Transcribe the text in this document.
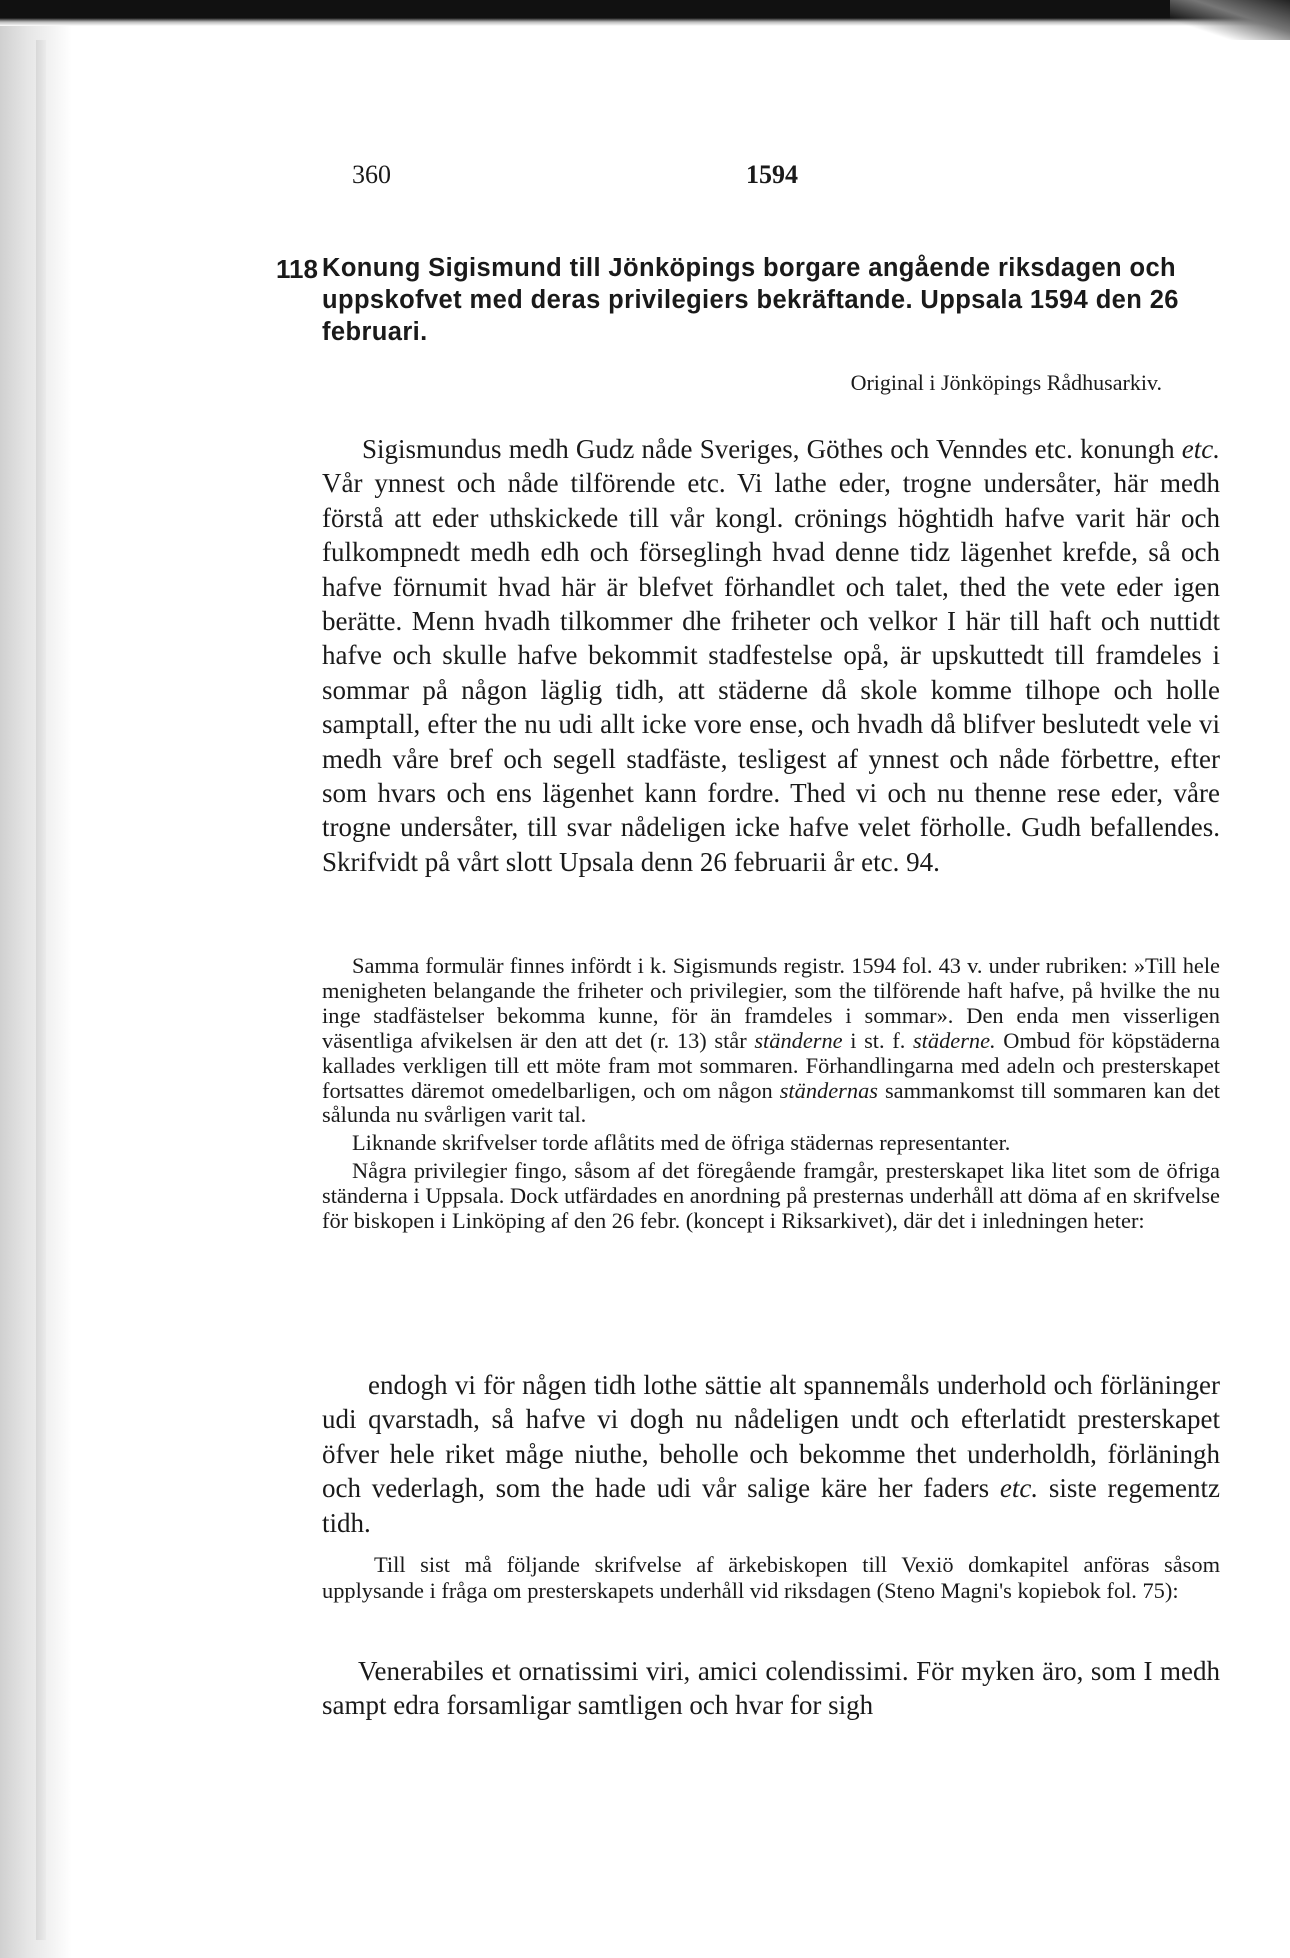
360	1594
118 Konung Sigismund till Jönköpings borgare angående riksdagen och uppskofvet med deras privilegiers bekräftande. Uppsala 1594 den 26 februari.
Original i Jönköpings Rådhusarkiv.

Sigismundus medh Gudz nåde Sveriges, Göthes och Venndes etc. konungh etc. Vår ynnest och nåde tilförende etc. Vi lathe eder, trogne undersåter, här medh förstå att eder uthskickede till vår kongl. crönings höghtidh hafve varit här och fulkompnedt medh edh och förseglingh hvad denne tidz lägenhet krefde, så och hafve förnumit hvad här är blefvet förhandlet och talet, thed the vete eder igen berätte. Menn hvadh tilkommer dhe friheter och velkor I här till haft och nuttidt hafve och skulle hafve bekommit stadfestelse opå, är upskuttedt till framdeles i sommar på någon läglig tidh, att städerne då skole komme tilhope och holle samptall, efter the nu udi allt icke vore ense, och hvadh då blifver beslutedt vele vi medh våre bref och segell stadfäste, tesligest af ynnest och nåde förbettre, efter som hvars och ens lägenhet kann fordre. Thed vi och nu thenne rese eder, våre trogne undersåter, till svar nådeligen icke hafve velet förholle. Gudh befallendes. Skrifvidt på vårt slott Upsala denn 26 februarii år etc. 94.

Samma formulär finnes infördt i k. Sigismunds registr. 1594 fol. 43 v. under rubriken: »Till hele menigheten belangande the friheter och privilegier, som the tilförende haft hafve, på hvilke the nu inge stadfästelser bekomma kunne, för än framdeles i sommar». Den enda men visserligen väsentliga afvikelsen är den att det (r. 13) står ständerne i st. f. städerne. Ombud för köpstäderna kallades verkligen till ett möte fram mot sommaren. Förhandlingarna med adeln och presterskapet fortsattes däremot omedelbarligen, och om någon ständernas sammankomst till sommaren kan det sålunda nu svårligen varit tal.

Liknande skrifvelser torde aflåtits med de öfriga städernas representanter.

Några privilegier fingo, såsom af det föregående framgår, presterskapet lika litet som de öfriga ständerna i Uppsala. Dock utfärdades en anordning på presternas underhåll att döma af en skrifvelse för biskopen i Linköping af den 26 febr. (koncept i Riksarkivet), där det i inledningen heter:

endogh vi för någen tidh lothe sättie alt spannemåls underhold och förläninger udi qvarstadh, så hafve vi dogh nu nådeligen undt och efterlatidt presterskapet öfver hele riket måge niuthe, beholle och bekomme thet underholdh, förläningh och vederlagh, som the hade udi vår salige käre her faders etc. siste regementz tidh.

Till sist må följande skrifvelse af ärkebiskopen till Vexiö domkapitel anföras såsom upplysande i fråga om presterskapets underhåll vid riksdagen (Steno Magni's kopiebok fol. 75):

Venerabiles et ornatissimi viri, amici colendissimi. För myken äro, som I medh sampt edra forsamligar samtligen och hvar for sigh
